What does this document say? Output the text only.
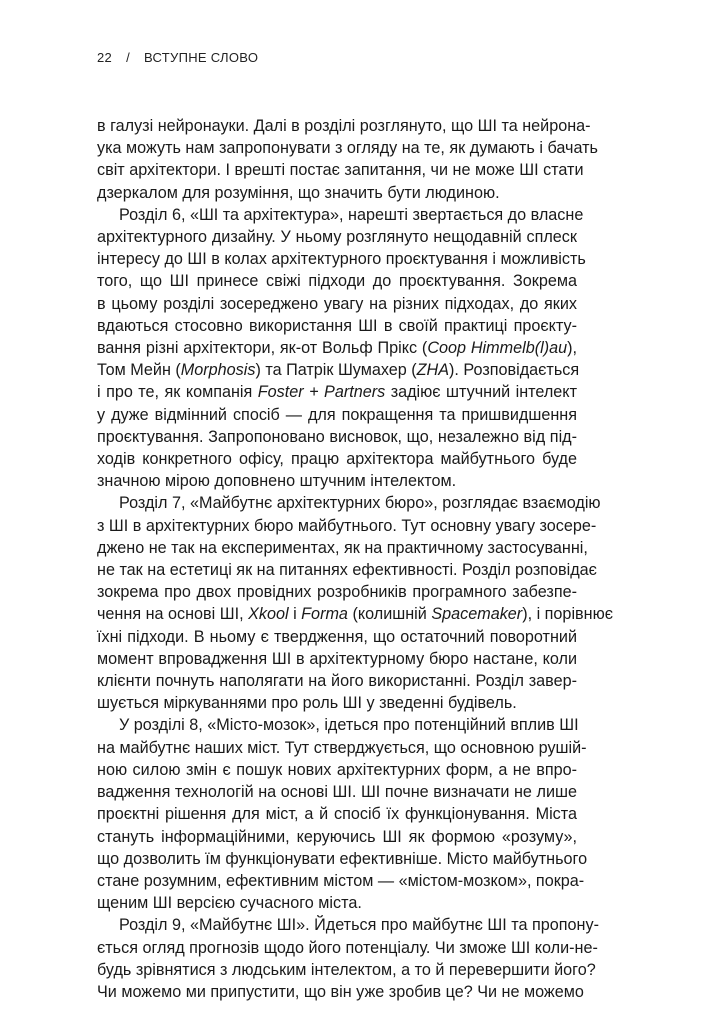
22 / ВСТУПНЕ СЛОВО
в галузі нейронауки. Далі в розділі розглянуто, що ШІ та нейрона-
ука можуть нам запропонувати з огляду на те, як думають і бачать
світ архітектори. І врешті постає запитання, чи не може ШІ стати
дзеркалом для розуміння, що значить бути людиною.
Розділ 6, «ШІ та архітектура», нарешті звертається до власне
архітектурного дизайну. У ньому розглянуто нещодавній сплеск
інтересу до ШІ в колах архітектурного проєктування і можливість
того, що ШІ принесе свіжі підходи до проєктування. Зокрема
в цьому розділі зосереджено увагу на різних підходах, до яких
вдаються стосовно використання ШІ в своїй практиці проєкту-
вання різні архітектори, як-от Вольф Прікс (Coop Himmelb(l)au),
Том Мейн (Morphosis) та Патрік Шумахер (ZHA). Розповідається
і про те, як компанія Foster + Partners задіює штучний інтелект
у дуже відмінний спосіб — для покращення та пришвидшення
проєктування. Запропоновано висновок, що, незалежно від під-
ходів конкретного офісу, працю архітектора майбутнього буде
значною мірою доповнено штучним інтелектом.
Розділ 7, «Майбутнє архітектурних бюро», розглядає взаємодію
з ШІ в архітектурних бюро майбутнього. Тут основну увагу зосере-
джено не так на експериментах, як на практичному застосуванні,
не так на естетиці як на питаннях ефективності. Розділ розповідає
зокрема про двох провідних розробників програмного забезпе-
чення на основі ШІ, Xkool і Forma (колишній Spacemaker), і порівнює
їхні підходи. В ньому є твердження, що остаточний поворотний
момент впровадження ШІ в архітектурному бюро настане, коли
клієнти почнуть наполягати на його використанні. Розділ завер-
шується міркуваннями про роль ШІ у зведенні будівель.
У розділі 8, «Місто-мозок», ідеться про потенційний вплив ШІ
на майбутнє наших міст. Тут стверджується, що основною рушій-
ною силою змін є пошук нових архітектурних форм, а не впро-
вадження технологій на основі ШІ. ШІ почне визначати не лише
проєктні рішення для міст, а й спосіб їх функціонування. Міста
стануть інформаційними, керуючись ШІ як формою «розуму»,
що дозволить їм функціонувати ефективніше. Місто майбутнього
стане розумним, ефективним містом — «містом-мозком», покра-
щеним ШІ версією сучасного міста.
Розділ 9, «Майбутнє ШІ». Йдеться про майбутнє ШІ та пропону-
ється огляд прогнозів щодо його потенціалу. Чи зможе ШІ коли-не-
будь зрівнятися з людським інтелектом, а то й перевершити його?
Чи можемо ми припустити, що він уже зробив це? Чи не можемо
